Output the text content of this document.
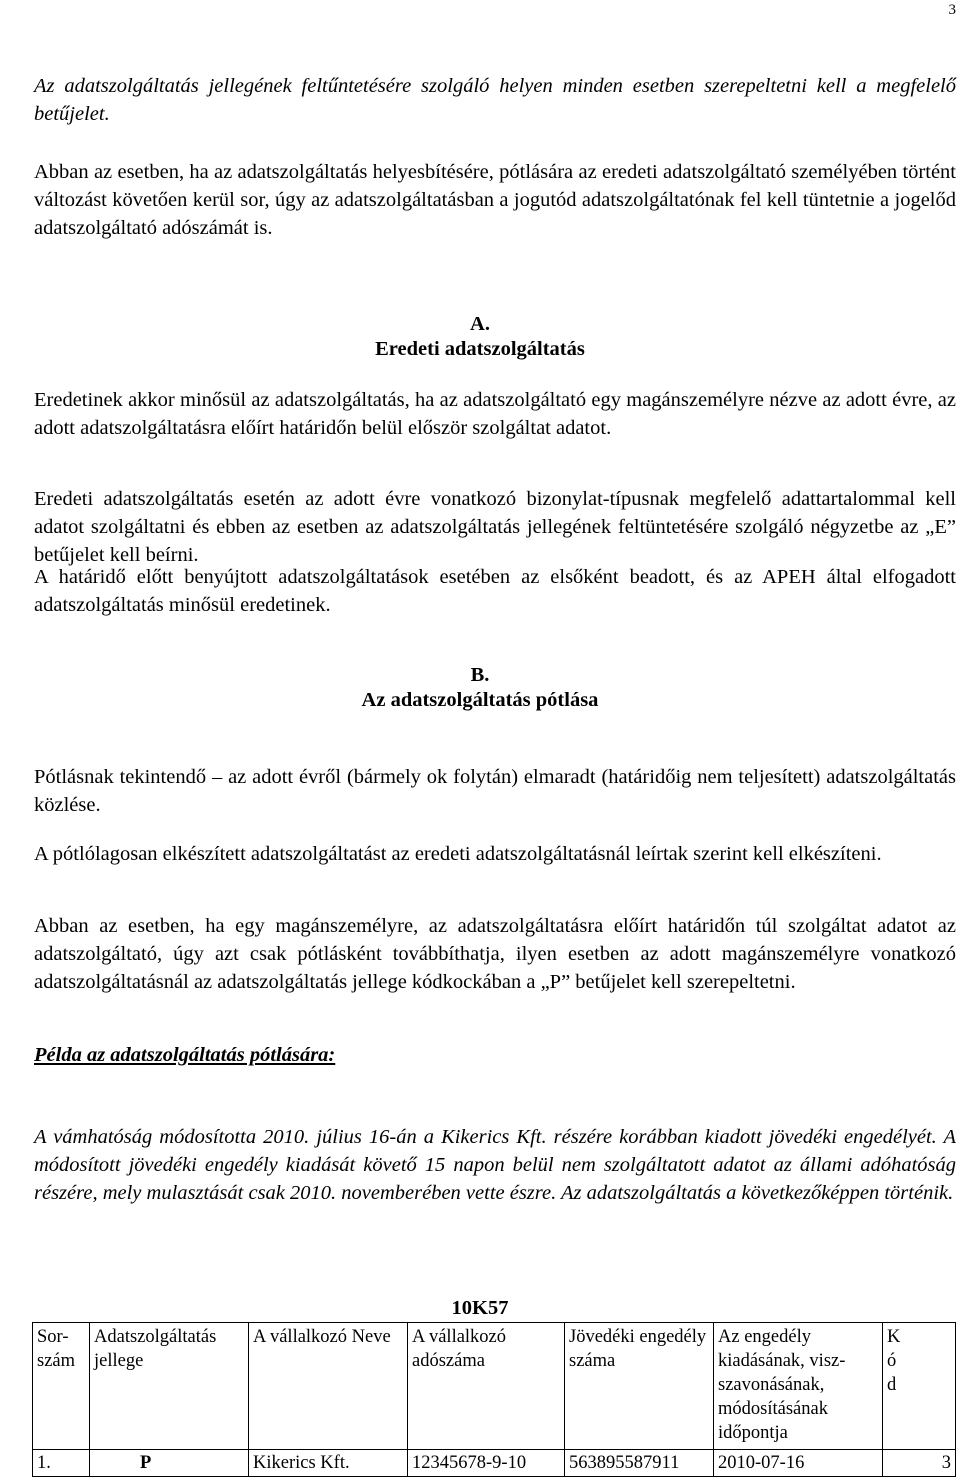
3
Az adatszolgáltatás jellegének feltűntetésére szolgáló helyen minden esetben szerepeltetni kell a megfelelő betűjelet.
Abban az esetben, ha az adatszolgáltatás helyesbítésére, pótlására az eredeti adatszolgáltató személyében történt változást követően kerül sor, úgy az adatszolgáltatásban a jogutód adatszolgáltatónak fel kell tüntetnie a jogelőd adatszolgáltató adószámát is.
A.
Eredeti adatszolgáltatás
Eredetinek akkor minősül az adatszolgáltatás, ha az adatszolgáltató egy magánszemélyre nézve az adott évre, az adott adatszolgáltatásra előírt határidőn belül először szolgáltat adatot.
Eredeti adatszolgáltatás esetén az adott évre vonatkozó bizonylat-típusnak megfelelő adattartalommal kell adatot szolgáltatni és ebben az esetben az adatszolgáltatás jellegének feltüntetésére szolgáló négyzetbe az „E” betűjelet kell beírni.
A határidő előtt benyújtott adatszolgáltatások esetében az elsőként beadott, és az APEH által elfogadott adatszolgáltatás minősül eredetinek.
B.
Az adatszolgáltatás pótlása
Pótlásnak tekintendő – az adott évről (bármely ok folytán) elmaradt (határidőig nem teljesített) adatszolgáltatás közlése.
A pótlólagosan elkészített adatszolgáltatást az eredeti adatszolgáltatásnál leírtak szerint kell elkészíteni.
Abban az esetben, ha egy magánszemélyre, az adatszolgáltatásra előírt határidőn túl szolgáltat adatot az adatszolgáltató, úgy azt csak pótlásként továbbíthatja, ilyen esetben az adott magánszemélyre vonatkozó adatszolgáltatásnál az adatszolgáltatás jellege kódkockában a „P” betűjelet kell szerepeltetni.
Példa az adatszolgáltatás pótlására:
A vámhatóság módosította 2010. július 16-án a Kikerics Kft. részére korábban kiadott jövedéki engedélyét. A módosított jövedéki engedély kiadását követő 15 napon belül nem szolgáltatott adatot az állami adóhatóság részére, mely mulasztását csak 2010. novemberében vette észre. Az adatszolgáltatás a következőképpen történik.
10K57
Sor-
szám	Adatszolgáltatás jellege	A vállalkozó Neve	A vállalkozó adószáma	Jövedéki engedély száma	Az engedély kiadásának, visz-szavonásának, módosításának időpontja	K
ó
d
1.	P	Kikerics Kft.	12345678-9-10	563895587911	2010-07-16	3
